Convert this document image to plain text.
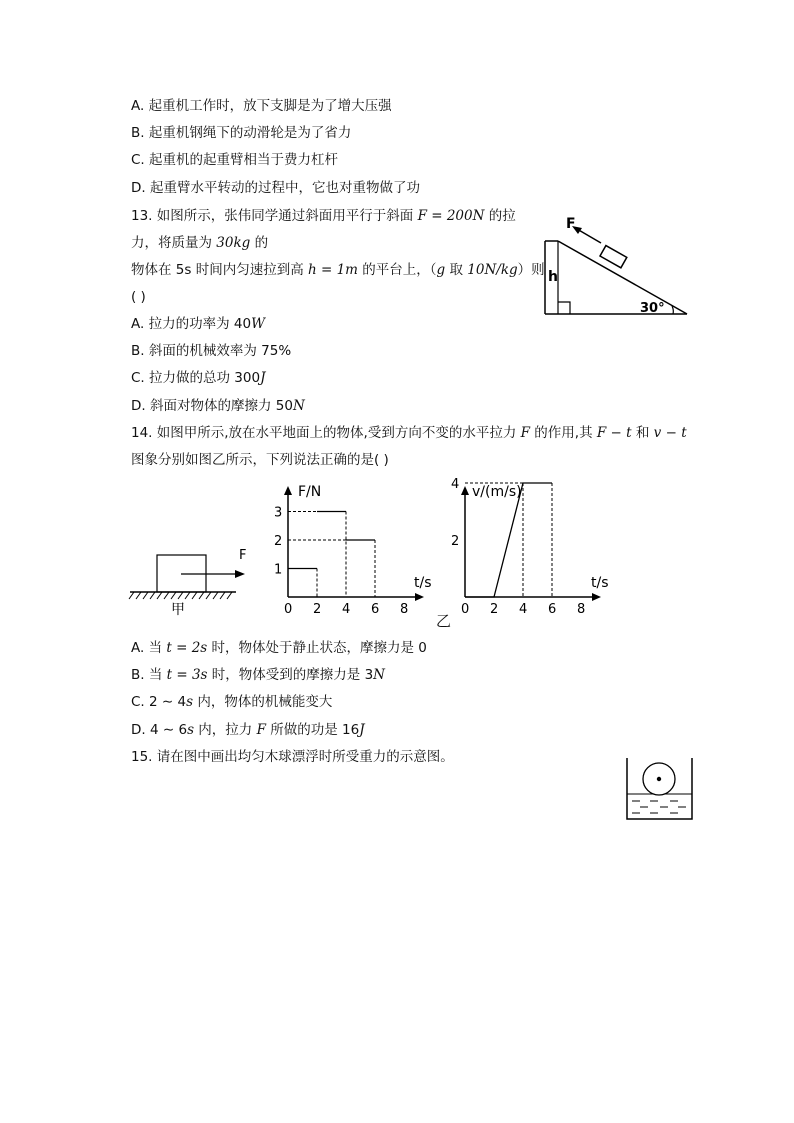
A. 起重机工作时，放下支脚是为了增大压强
B. 起重机钢绳下的动滑轮是为了省力
C. 起重机的起重臂相当于费力杠杆
D. 起重臂水平转动的过程中，它也对重物做了功
13. 如图所示，张伟同学通过斜面用平行于斜面 F = 200N 的拉
力，将质量为 30kg 的
物体在 5s 时间内匀速拉到高 h = 1m 的平台上，（g 取 10N/kg）则
( )
A. 拉力的功率为 40W
B. 斜面的机械效率为 75%
C. 拉力做的总功 300J
D. 斜面对物体的摩擦力 50N
F
h
30°
14. 如图甲所示,放在水平地面上的物体,受到方向不变的水平拉力 F 的作用,其 F − t 和 v − t
图象分别如图乙所示，下列说法正确的是( )
F
甲
F/N
t/s
0 2 4 6 8
1
2
3
v/(m/s)
t/s
0 2 4 6 8
2
4
乙
A. 当 t = 2s 时，物体处于静止状态，摩擦力是 0
B. 当 t = 3s 时，物体受到的摩擦力是 3N
C. 2 ∼ 4s 内，物体的机械能变大
D. 4 ∼ 6s 内，拉力 F 所做的功是 16J
15. 请在图中画出均匀木球漂浮时所受重力的示意图。
